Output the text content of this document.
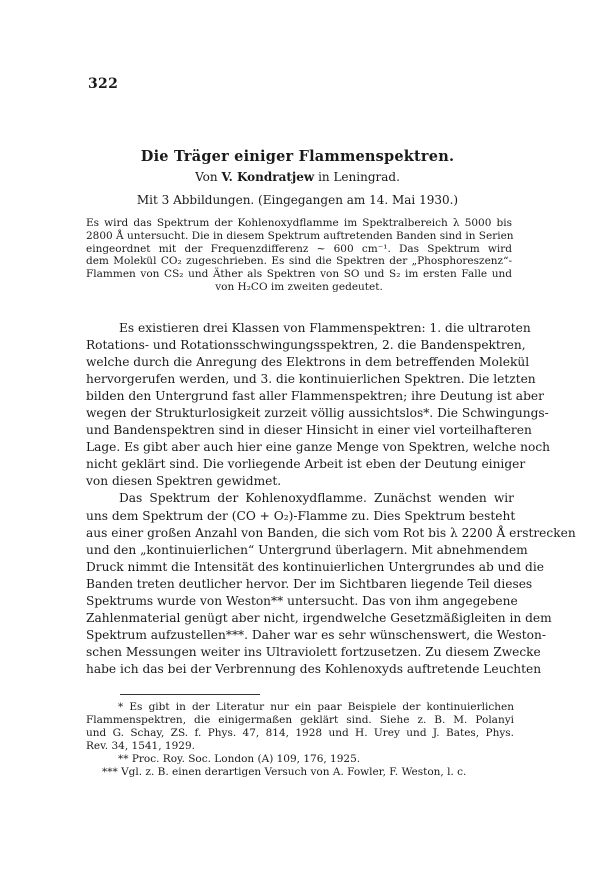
322
Die Träger einiger Flammenspektren.
Von V. Kondratjew in Leningrad.
Mit 3 Abbildungen. (Eingegangen am 14. Mai 1930.)
Es wird das Spektrum der Kohlenoxydflamme im Spektralbereich λ 5000 bis
2800 Å untersucht. Die in diesem Spektrum auftretenden Banden sind in Serien
eingeordnet mit der Frequenzdifferenz ∼ 600 cm⁻¹. Das Spektrum wird
dem Molekül CO₂ zugeschrieben. Es sind die Spektren der „Phosphoreszenz“-
Flammen von CS₂ und Äther als Spektren von SO und S₂ im ersten Falle und
von H₂CO im zweiten gedeutet.
Es existieren drei Klassen von Flammenspektren: 1. die ultraroten
Rotations- und Rotationsschwingungsspektren, 2. die Bandenspektren,
welche durch die Anregung des Elektrons in dem betreffenden Molekül
hervorgerufen werden, und 3. die kontinuierlichen Spektren. Die letzten
bilden den Untergrund fast aller Flammenspektren; ihre Deutung ist aber
wegen der Strukturlosigkeit zurzeit völlig aussichtslos*. Die Schwingungs-
und Bandenspektren sind in dieser Hinsicht in einer viel vorteilhafteren
Lage. Es gibt aber auch hier eine ganze Menge von Spektren, welche noch
nicht geklärt sind. Die vorliegende Arbeit ist eben der Deutung einiger
von diesen Spektren gewidmet.
Das Spektrum der Kohlenoxydflamme. Zunächst wenden wir
uns dem Spektrum der (CO + O₂)-Flamme zu. Dies Spektrum besteht
aus einer großen Anzahl von Banden, die sich vom Rot bis λ 2200 Å erstrecken
und den „kontinuierlichen“ Untergrund überlagern. Mit abnehmendem
Druck nimmt die Intensität des kontinuierlichen Untergrundes ab und die
Banden treten deutlicher hervor. Der im Sichtbaren liegende Teil dieses
Spektrums wurde von Weston** untersucht. Das von ihm angegebene
Zahlenmaterial genügt aber nicht, irgendwelche Gesetzmäßigleiten in dem
Spektrum aufzustellen***. Daher war es sehr wünschenswert, die Weston-
schen Messungen weiter ins Ultraviolett fortzusetzen. Zu diesem Zwecke
habe ich das bei der Verbrennung des Kohlenoxyds auftretende Leuchten
* Es gibt in der Literatur nur ein paar Beispiele der kontinuierlichen
Flammenspektren, die einigermaßen geklärt sind. Siehe z. B. M. Polanyi
und G. Schay, ZS. f. Phys. 47, 814, 1928 und H. Urey und J. Bates, Phys.
Rev. 34, 1541, 1929.
** Proc. Roy. Soc. London (A) 109, 176, 1925.
*** Vgl. z. B. einen derartigen Versuch von A. Fowler, F. Weston, l. c.
